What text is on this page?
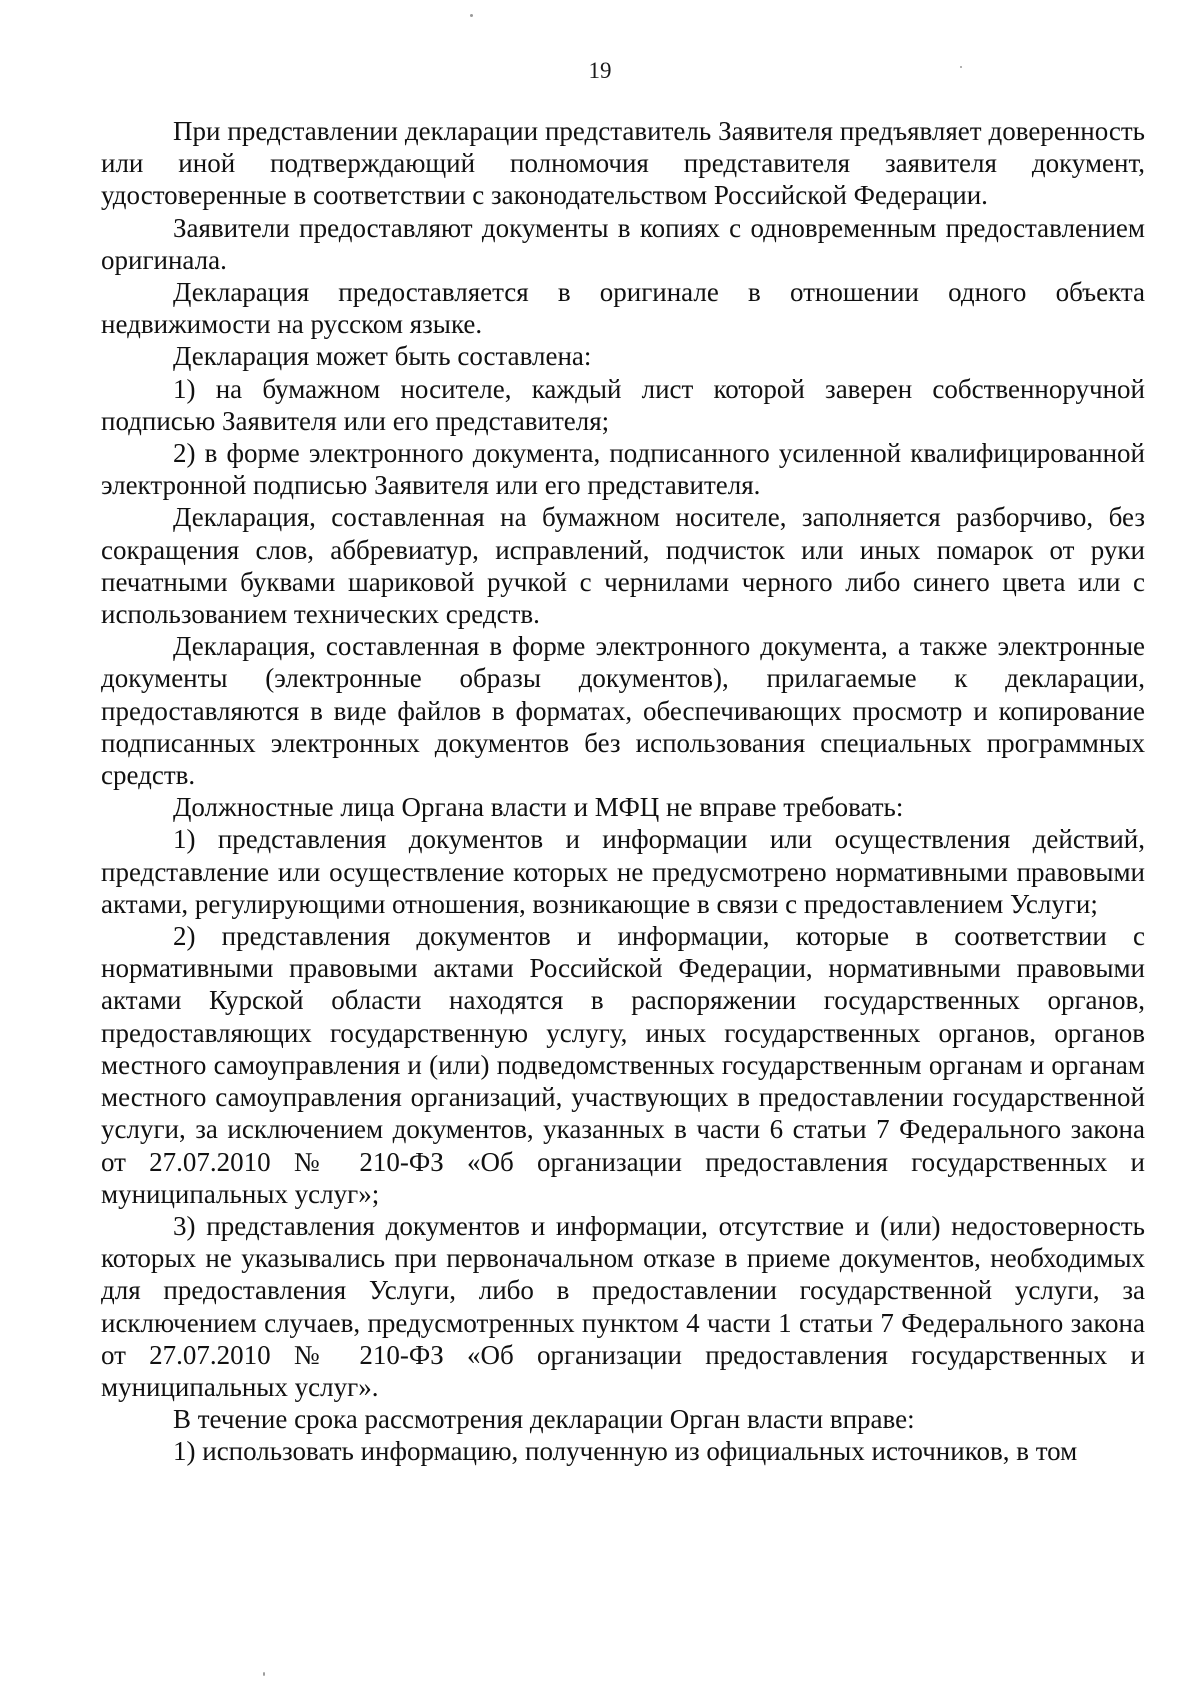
19

При представлении декларации представитель Заявителя предъявляет доверенность или иной подтверждающий полномочия представителя заявителя документ, удостоверенные в соответствии с законодательством Российской Федерации.

Заявители предоставляют документы в копиях с одновременным предоставлением оригинала.

Декларация предоставляется в оригинале в отношении одного объекта недвижимости на русском языке.

Декларация может быть составлена:

1) на бумажном носителе, каждый лист которой заверен собственноручной подписью Заявителя или его представителя;

2) в форме электронного документа, подписанного усиленной квалифицированной электронной подписью Заявителя или его представителя.

Декларация, составленная на бумажном носителе, заполняется разборчиво, без сокращения слов, аббревиатур, исправлений, подчисток или иных помарок от руки печатными буквами шариковой ручкой с чернилами черного либо синего цвета или с использованием технических средств.

Декларация, составленная в форме электронного документа, а также электронные документы (электронные образы документов), прилагаемые к декларации, предоставляются в виде файлов в форматах, обеспечивающих просмотр и копирование подписанных электронных документов без использования специальных программных средств.

Должностные лица Органа власти и МФЦ не вправе требовать:

1) представления документов и информации или осуществления действий, представление или осуществление которых не предусмотрено нормативными правовыми актами, регулирующими отношения, возникающие в связи с предоставлением Услуги;

2) представления документов и информации, которые в соответствии с нормативными правовыми актами Российской Федерации, нормативными правовыми актами Курской области находятся в распоряжении государственных органов, предоставляющих государственную услугу, иных государственных органов, органов местного самоуправления и (или) подведомственных государственным органам и органам местного самоуправления организаций, участвующих в предоставлении государственной услуги, за исключением документов, указанных в части 6 статьи 7 Федерального закона от 27.07.2010 № 210-ФЗ «Об организации предоставления государственных и муниципальных услуг»;

3) представления документов и информации, отсутствие и (или) недостоверность которых не указывались при первоначальном отказе в приеме документов, необходимых для предоставления Услуги, либо в предоставлении государственной услуги, за исключением случаев, предусмотренных пунктом 4 части 1 статьи 7 Федерального закона от 27.07.2010 № 210-ФЗ «Об организации предоставления государственных и муниципальных услуг».

В течение срока рассмотрения декларации Орган власти вправе:

1) использовать информацию, полученную из официальных источников, в том
